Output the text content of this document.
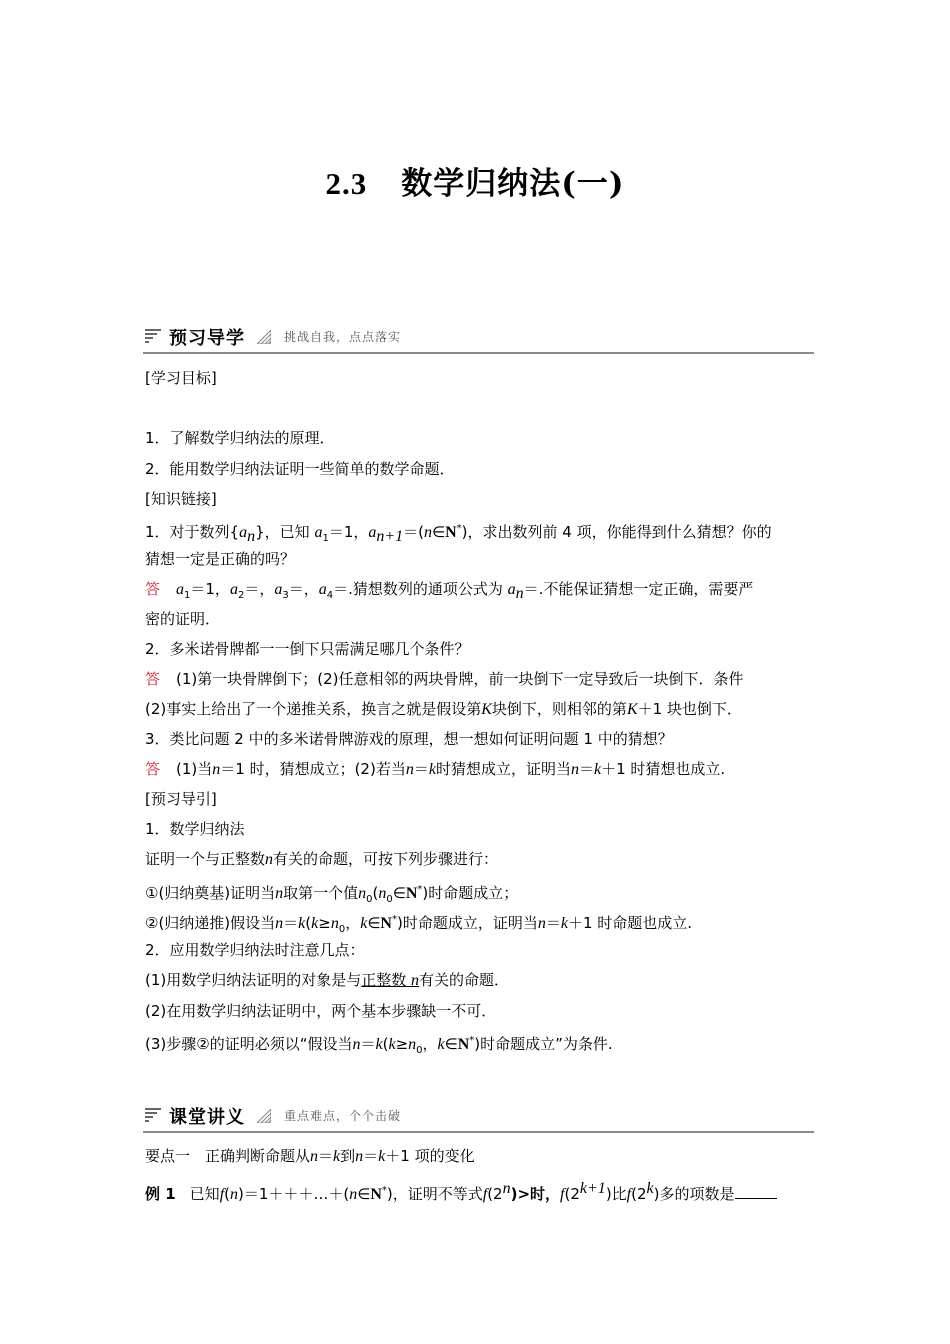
2.3 数学归纳法(一)
预习导学	挑战自我，点点落实
[学习目标]
1．了解数学归纳法的原理．
2．能用数学归纳法证明一些简单的数学命题．
[知识链接]
1．对于数列$\{a_n\}$，已知 $a_1=1$，$a_{n+1}=(n\in N^*)$，求出数列前 4 项，你能得到什么猜想？你的
猜想一定是正确的吗？
答 $a_1=1$，$a_2=$，$a_3=$，$a_4=$.猜想数列的通项公式为 $a_n=$.不能保证猜想一定正确，需要严
密的证明．
2．多米诺骨牌都一一倒下只需满足哪几个条件？
答 (1)第一块骨牌倒下；(2)任意相邻的两块骨牌，前一块倒下一定导致后一块倒下．条件
(2)事实上给出了一个递推关系，换言之就是假设第K块倒下，则相邻的第K＋1 块也倒下．
3．类比问题 2 中的多米诺骨牌游戏的原理，想一想如何证明问题 1 中的猜想？
答 (1)当n＝1 时，猜想成立；(2)若当n＝k时猜想成立，证明当n＝k＋1 时猜想也成立.
[预习导引]
1．数学归纳法
证明一个与正整数n有关的命题，可按下列步骤进行：
①(归纳奠基)证明当n取第一个值$n_0(n_0\in N^*)$时命题成立；
②(归纳递推)假设当$n=k(k\ge n_0$，k∈N*)时命题成立，证明当n＝k＋1 时命题也成立.
2．应用数学归纳法时注意几点：
(1)用数学归纳法证明的对象是与正整数 n有关的命题．
(2)在用数学归纳法证明中，两个基本步骤缺一不可．
(3)步骤②的证明必须以“假设当$n=k(k\ge n_0$，k∈N*)时命题成立”为条件.
课堂讲义	重点难点，个个击破
要点一　正确判断命题从n＝k到n＝k＋1 项的变化
例 1 已知f(n)＝1＋＋＋…＋(n∈N*)，证明不等式$f(2^n)>$时，$f(2^{k+1})$比f(2$^k$)多的项数是
